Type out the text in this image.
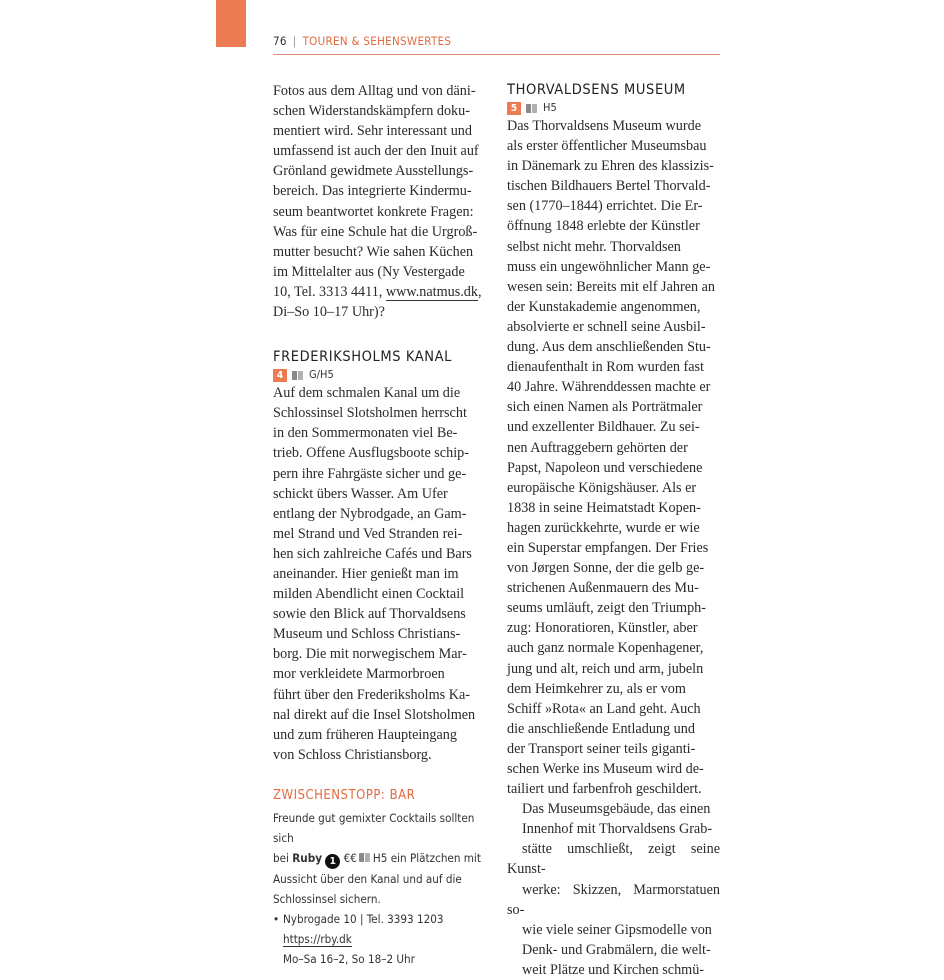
76 | TOUREN & SEHENSWERTES
Fotos aus dem Alltag und von däni-
schen Widerstandskämpfern doku-
mentiert wird. Sehr interessant und
umfassend ist auch der den Inuit auf
Grönland gewidmete Ausstellungs-
bereich. Das integrierte Kindermu-
seum beantwortet konkrete Fragen:
Was für eine Schule hat die Urgroß-
mutter besucht? Wie sahen Küchen
im Mittelalter aus (Ny Vestergade
10, Tel. 3313 4411, www.natmus.dk,
Di–So 10–17 Uhr)?
FREDERIKSHOLMS KANAL
4	G/H5
Auf dem schmalen Kanal um die
Schlossinsel Slotsholmen herrscht
in den Sommermonaten viel Be-
trieb. Offene Ausflugsboote schip-
pern ihre Fahrgäste sicher und ge-
schickt übers Wasser. Am Ufer
entlang der Nybrodgade, an Gam-
mel Strand und Ved Stranden rei-
hen sich zahlreiche Cafés und Bars
aneinander. Hier genießt man im
milden Abendlicht einen Cocktail
sowie den Blick auf Thorvaldsens
Museum und Schloss Christians-
borg. Die mit norwegischem Mar-
mor verkleidete Marmorbroen
führt über den Frederiksholms Ka-
nal direkt auf die Insel Slotsholmen
und zum früheren Haupteingang
von Schloss Christiansborg.
ZWISCHENSTOPP: BAR
Freunde gut gemixter Cocktails sollten sich
bei Ruby 1 €€ H5 ein Plätzchen mit
Aussicht über den Kanal und auf die
Schlossinsel sichern.
• Nybrogade 10 | Tel. 3393 1203
https://rby.dk
Mo–Sa 16–2, So 18–2 Uhr
THORVALDSENS MUSEUM
5	H5
Das Thorvaldsens Museum wurde
als erster öffentlicher Museumsbau
in Dänemark zu Ehren des klassizis-
tischen Bildhauers Bertel Thorvald-
sen (1770–1844) errichtet. Die Er-
öffnung 1848 erlebte der Künstler
selbst nicht mehr. Thorvaldsen
muss ein ungewöhnlicher Mann ge-
wesen sein: Bereits mit elf Jahren an
der Kunstakademie angenommen,
absolvierte er schnell seine Ausbil-
dung. Aus dem anschließenden Stu-
dienaufenthalt in Rom wurden fast
40 Jahre. Währenddessen machte er
sich einen Namen als Porträtmaler
und exzellenter Bildhauer. Zu sei-
nen Auftraggebern gehörten der
Papst, Napoleon und verschiedene
europäische Königshäuser. Als er
1838 in seine Heimatstadt Kopen-
hagen zurückkehrte, wurde er wie
ein Superstar empfangen. Der Fries
von Jørgen Sonne, der die gelb ge-
strichenen Außenmauern des Mu-
seums umläuft, zeigt den Triumph-
zug: Honoratioren, Künstler, aber
auch ganz normale Kopenhagener,
jung und alt, reich und arm, jubeln
dem Heimkehrer zu, als er vom
Schiff »Rota« an Land geht. Auch
die anschließende Entladung und
der Transport seiner teils giganti-
schen Werke ins Museum wird de-
tailiert und farbenfroh geschildert.
Das Museumsgebäude, das einen
Innenhof mit Thorvaldsens Grab-
stätte umschließt, zeigt seine Kunst-
werke: Skizzen, Marmorstatuen so-
wie viele seiner Gipsmodelle von
Denk- und Grabmälern, die welt-
weit Plätze und Kirchen schmü-
